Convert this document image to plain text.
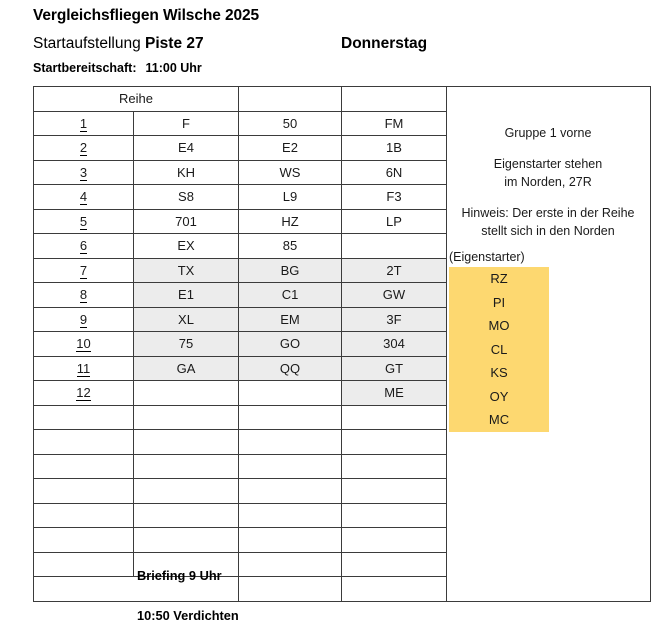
Vergleichsfliegen Wilsche 2025
Startaufstellung Piste 27	Donnerstag
Startbereitschaft: 11:00 Uhr
Reihe				
1	F	50	FM	
2	E4	E2	1B	
3	KH	WS	6N	
4	S8	L9	F3	
5	701	HZ	LP	
6	EX	85		
7	TX	BG	2T	
8	E1	C1	GW	
9	XL	EM	3F	
10	75	GO	304	
11	GA	QQ	GT	
12			ME	

Gruppe 1 vorne
Eigenstarter stehen
im Norden, 27R
Hinweis: Der erste in der Reihe
stellt sich in den Norden
(Eigenstarter)
RZ
PI
MO
CL
KS
OY
MC
Briefing 9 Uhr
10:50 Verdichten
